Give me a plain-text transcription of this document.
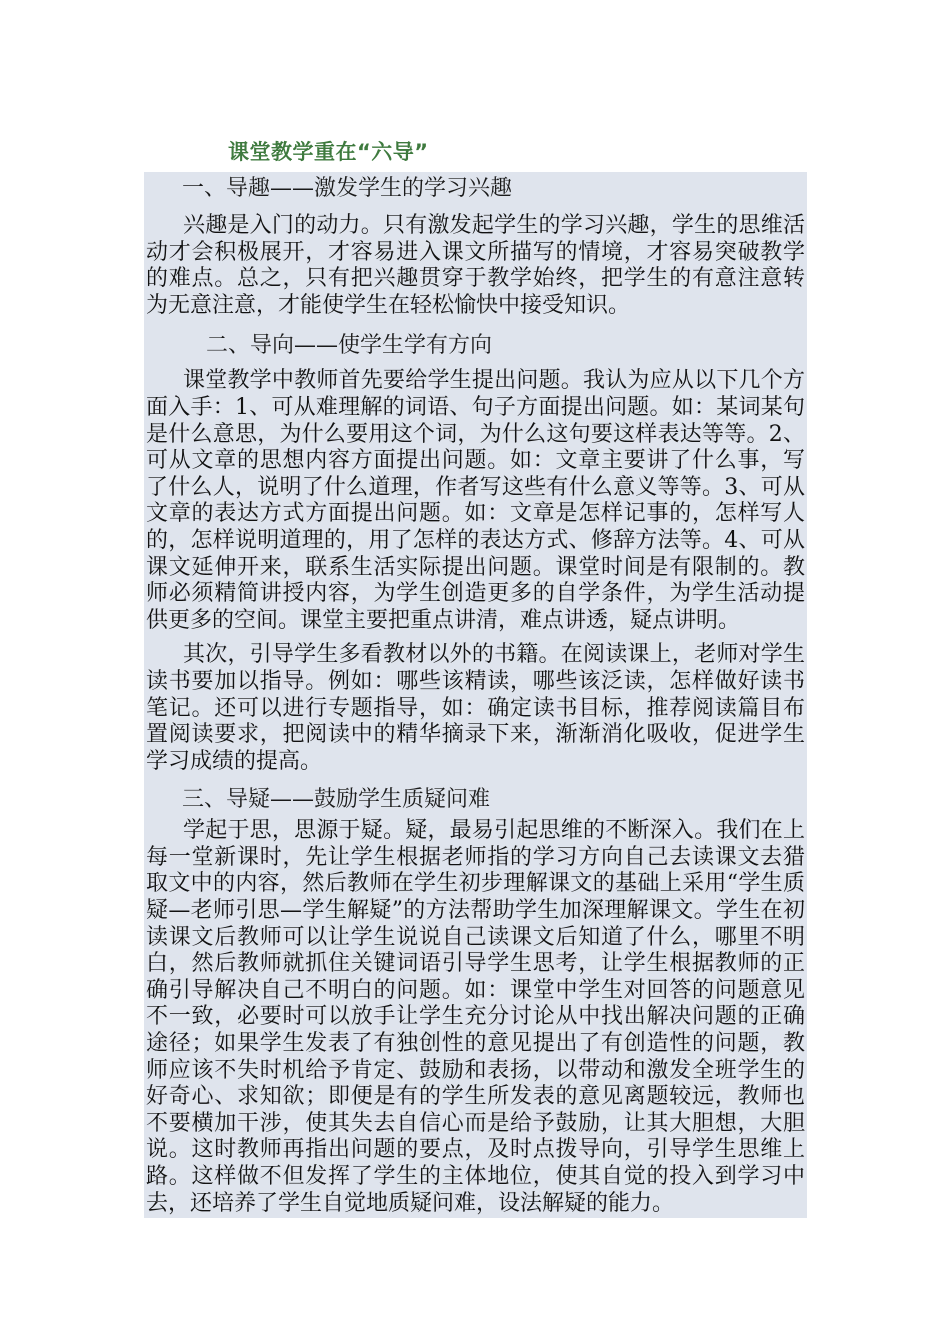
课堂教学重在“六导”
一、导趣——激发学生的学习兴趣

兴趣是入门的动力。只有激发起学生的学习兴趣，学生的思维活动才会积极展开，才容易进入课文所描写的情境，才容易突破教学的难点。总之，只有把兴趣贯穿于教学始终，把学生的有意注意转为无意注意，才能使学生在轻松愉快中接受知识。

二、导向——使学生学有方向

课堂教学中教师首先要给学生提出问题。我认为应从以下几个方面入手：1、可从难理解的词语、句子方面提出问题。如：某词某句是什么意思，为什么要用这个词，为什么这句要这样表达等等。2、可从文章的思想内容方面提出问题。如：文章主要讲了什么事，写了什么人，说明了什么道理，作者写这些有什么意义等等。3、可从文章的表达方式方面提出问题。如：文章是怎样记事的，怎样写人的，怎样说明道理的，用了怎样的表达方式、修辞方法等。4、可从课文延伸开来，联系生活实际提出问题。课堂时间是有限制的。教师必须精简讲授内容，为学生创造更多的自学条件，为学生活动提供更多的空间。课堂主要把重点讲清，难点讲透，疑点讲明。

其次，引导学生多看教材以外的书籍。在阅读课上，老师对学生读书要加以指导。例如：哪些该精读，哪些该泛读，怎样做好读书笔记。还可以进行专题指导，如：确定读书目标，推荐阅读篇目布置阅读要求，把阅读中的精华摘录下来，渐渐消化吸收，促进学生学习成绩的提高。

三、导疑——鼓励学生质疑问难

学起于思，思源于疑。疑，最易引起思维的不断深入。我们在上每一堂新课时，先让学生根据老师指的学习方向自己去读课文去猎取文中的内容，然后教师在学生初步理解课文的基础上采用“学生质疑—老师引思—学生解疑”的方法帮助学生加深理解课文。学生在初读课文后教师可以让学生说说自己读课文后知道了什么，哪里不明白，然后教师就抓住关键词语引导学生思考，让学生根据教师的正确引导解决自己不明白的问题。如：课堂中学生对回答的问题意见不一致，必要时可以放手让学生充分讨论从中找出解决问题的正确途径；如果学生发表了有独创性的意见提出了有创造性的问题，教师应该不失时机给予肯定、鼓励和表扬，以带动和激发全班学生的好奇心、求知欲；即便是有的学生所发表的意见离题较远，教师也不要横加干涉，使其失去自信心而是给予鼓励，让其大胆想，大胆说。这时教师再指出问题的要点，及时点拨导向，引导学生思维上路。这样做不但发挥了学生的主体地位，使其自觉的投入到学习中去，还培养了学生自觉地质疑问难，设法解疑的能力。
